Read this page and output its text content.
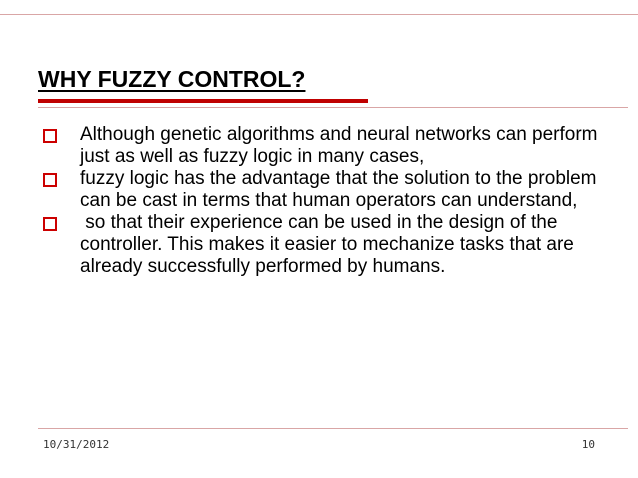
WHY FUZZY CONTROL?
Although genetic algorithms and neural networks can perform just as well as fuzzy logic in many cases,
fuzzy logic has the advantage that the solution to the problem can be cast in terms that human operators can understand,
so that their experience can be used in the design of the controller. This makes it easier to mechanize tasks that are already successfully performed by humans.
10/31/2012	10
